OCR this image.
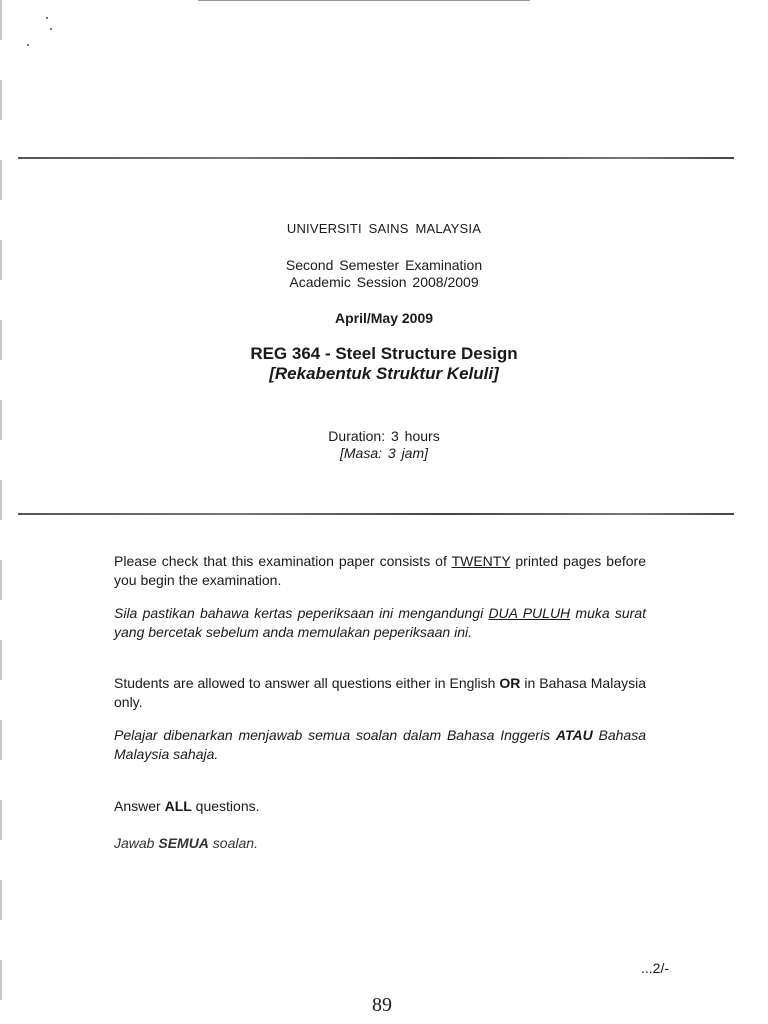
UNIVERSITI SAINS MALAYSIA
Second Semester Examination
Academic Session 2008/2009
April/May 2009
REG 364 - Steel Structure Design
[Rekabentuk Struktur Keluli]
Duration: 3 hours
[Masa: 3 jam]
Please check that this examination paper consists of TWENTY printed pages before you begin the examination.
Sila pastikan bahawa kertas peperiksaan ini mengandungi DUA PULUH muka surat yang bercetak sebelum anda memulakan peperiksaan ini.
Students are allowed to answer all questions either in English OR in Bahasa Malaysia only.
Pelajar dibenarkan menjawab semua soalan dalam Bahasa Inggeris ATAU Bahasa Malaysia sahaja.
Answer ALL questions.
Jawab SEMUA soalan.
...2/-
89
